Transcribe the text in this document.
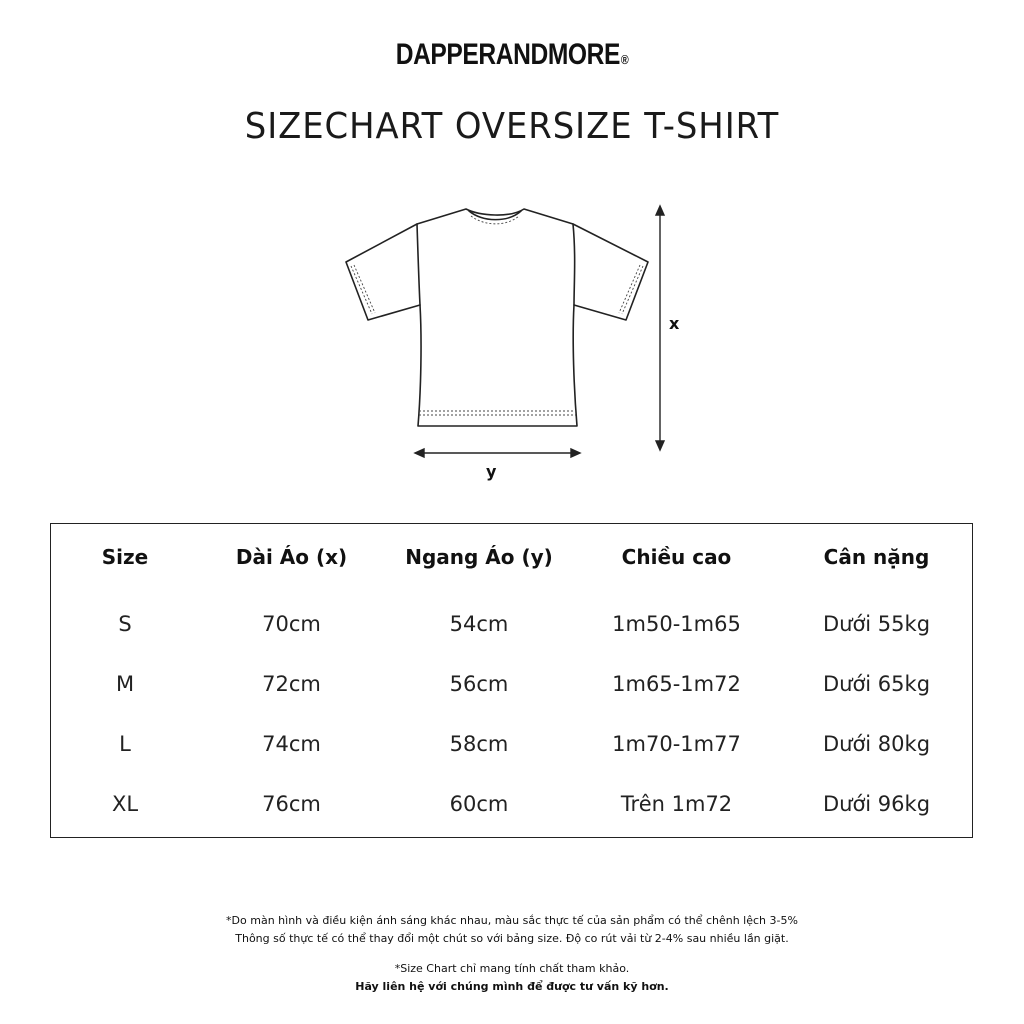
DAPPERANDMORE®
SIZECHART OVERSIZE T-SHIRT
x
y
Size	Dài Áo (x)	Ngang Áo (y)	Chiều cao	Cân nặng
S	70cm	54cm	1m50-1m65	Dưới 55kg
M	72cm	56cm	1m65-1m72	Dưới 65kg
L	74cm	58cm	1m70-1m77	Dưới 80kg
XL	76cm	60cm	Trên 1m72	Dưới 96kg

*Do màn hình và điều kiện ánh sáng khác nhau, màu sắc thực tế của sản phẩm có thể chênh lệch 3-5%

Thông số thực tế có thể thay đổi một chút so với bảng size. Độ co rút vải từ 2-4% sau nhiều lần giặt.

*Size Chart chỉ mang tính chất tham khảo.

Hãy liên hệ với chúng mình để được tư vấn kỹ hơn.
